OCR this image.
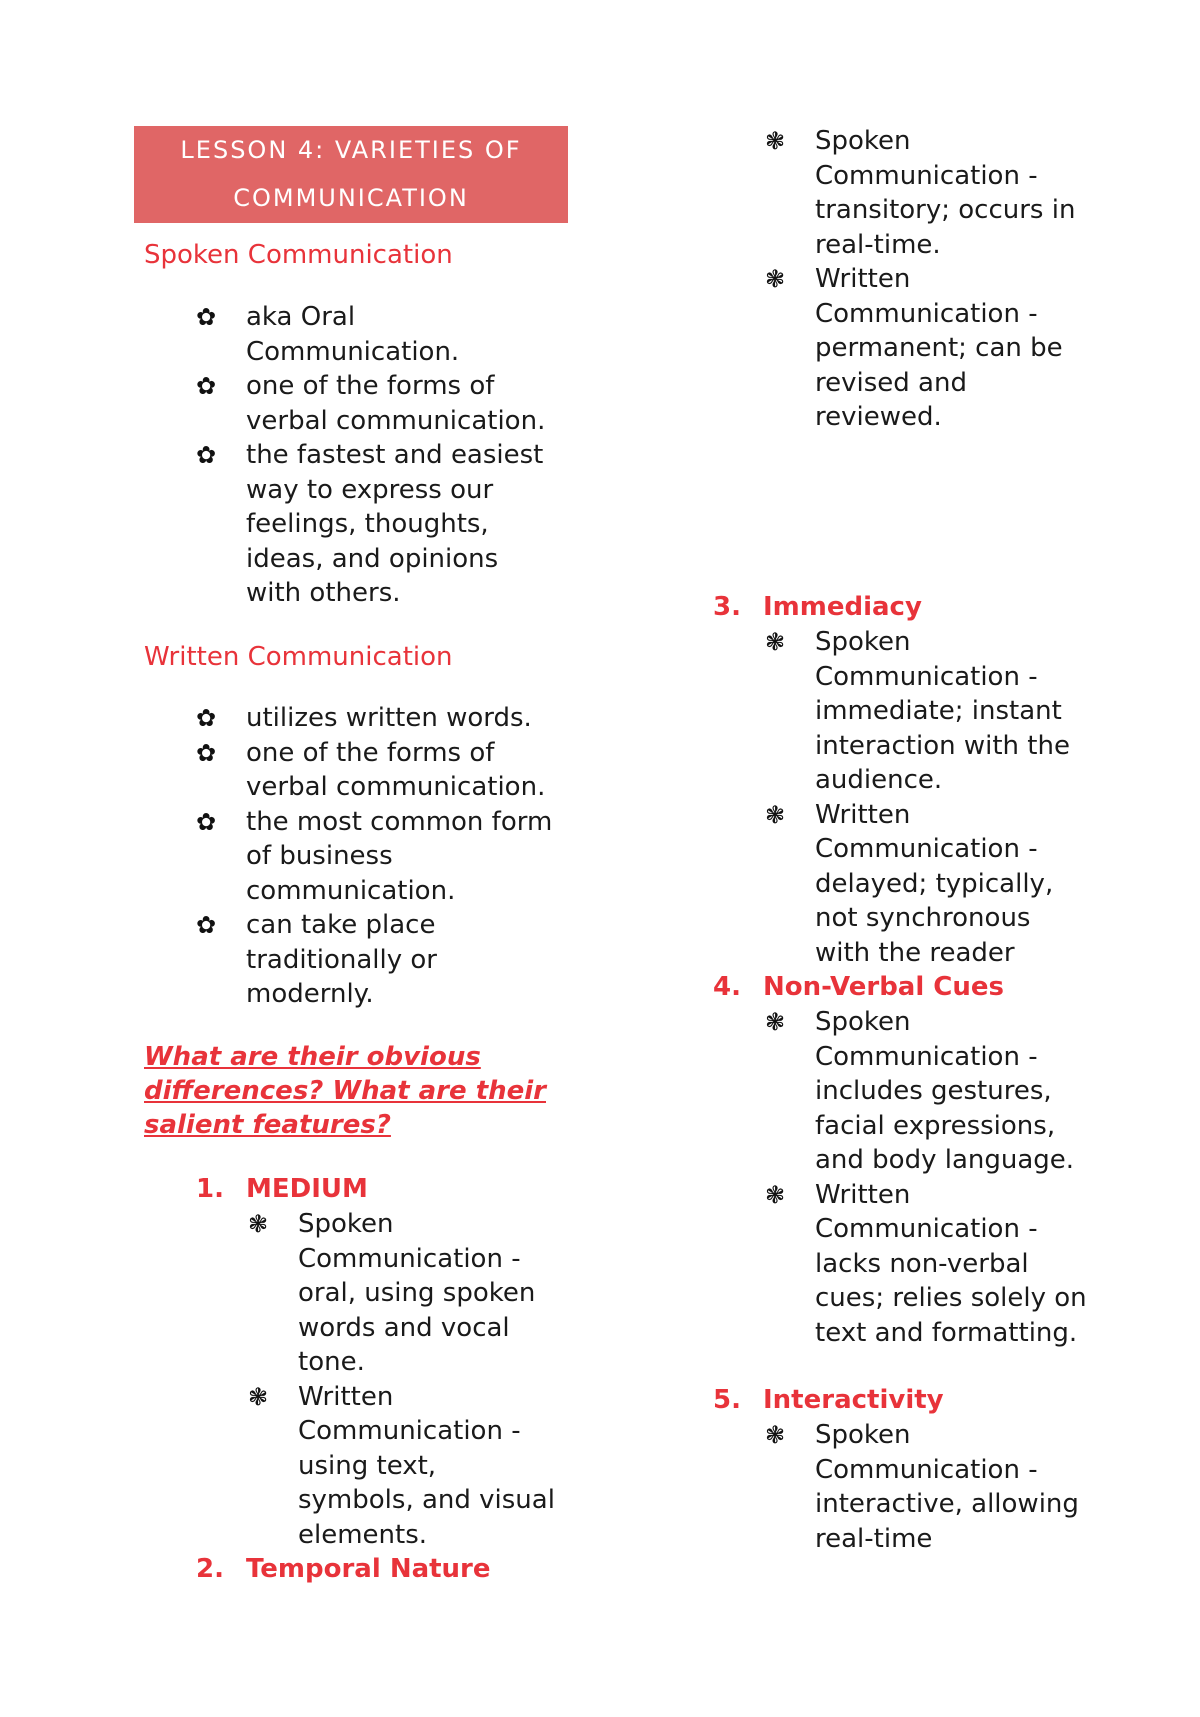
LESSON 4: VARIETIES OF
COMMUNICATION
Spoken Communication
✿ aka Oral Communication.
✿ one of the forms of verbal communication.
✿ the fastest and easiest way to express our feelings, thoughts, ideas, and opinions with others.
Written Communication
✿ utilizes written words.
✿ one of the forms of verbal communication.
✿ the most common form of business communication.
✿ can take place traditionally or modernly.
What are their obvious differences? What are their salient features?
1. MEDIUM
❃ Spoken Communication - oral, using spoken words and vocal tone.
❃ Written Communication - using text, symbols, and visual elements.
2. Temporal Nature
❃ Spoken Communication - transitory; occurs in real-time.
❃ Written Communication - permanent; can be revised and reviewed.
3. Immediacy
❃ Spoken Communication - immediate; instant interaction with the audience.
❃ Written Communication - delayed; typically, not synchronous with the reader
4. Non-Verbal Cues
❃ Spoken Communication - includes gestures, facial expressions, and body language.
❃ Written Communication - lacks non-verbal cues; relies solely on text and formatting.
5. Interactivity
❃ Spoken Communication - interactive, allowing real-time
